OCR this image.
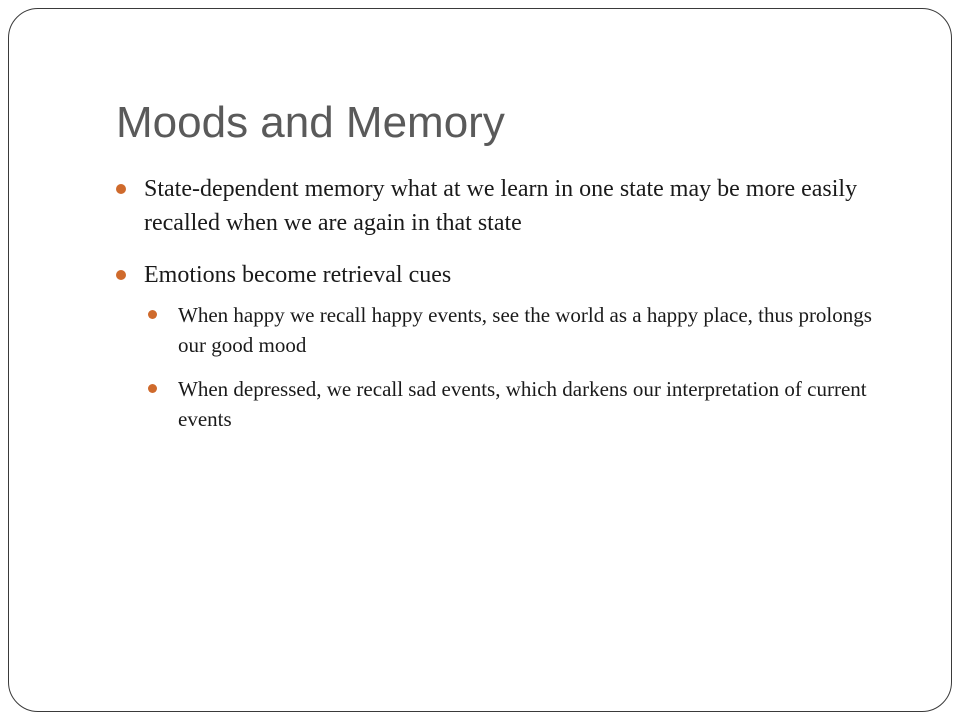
Moods and Memory
State-dependent memory what at we learn in one state may be more easily recalled when we are again in that state
Emotions become retrieval cues
When happy we recall happy events, see the world as a happy place, thus prolongs our good mood
When depressed, we recall sad events, which darkens our interpretation of current events
